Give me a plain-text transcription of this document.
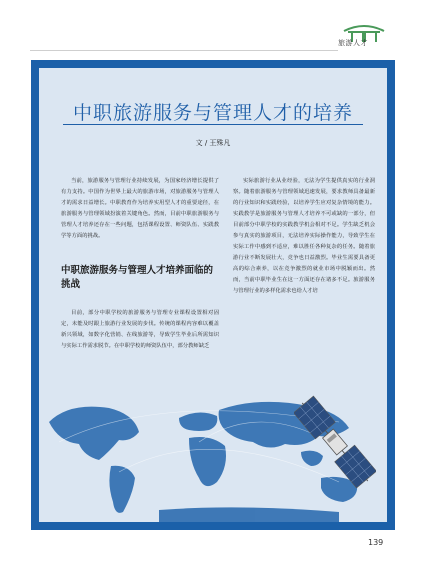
旅游人才
中职旅游服务与管理人才的培养
文 / 王殊凡
当前，旅游服务与管理行业持续发展，为国家经济增长提供了有力支持。中国作为世界上最大的旅游市场，对旅游服务与管理人才的需求日益增长。中职教育作为培养实用型人才的重要途径，在旅游服务与管理领域扮演着关键角色。然而，目前中职旅游服务与管理人才培养还存在一些问题，包括课程设置、师资队伍、实践教学等方面的挑战。
中职旅游服务与管理人才培养面临的挑战
目前，部分中职学校的旅游服务与管理专业课程设置相对固定，未能及时跟上旅游行业发展的步伐。传统的课程内容难以覆盖新兴领域，如数字化营销、在线旅游等，导致学生毕业后所需知识与实际工作需求脱节。在中职学校的师资队伍中，部分教师缺乏

实际旅游行业从业经验，无法为学生提供真实的行业洞察。随着旅游服务与管理领域迅速发展，要求教师具备最新的行业知识和实践经验，以培养学生应对复杂情境的能力。实践教学是旅游服务与管理人才培养不可或缺的一部分，但目前部分中职学校的实践教学机会相对不足。学生缺乏机会参与真实的旅游项目，无法培养实际操作能力，导致学生在实际工作中感到不适应，难以胜任各种复杂的任务。随着旅游行业不断发展壮大，竞争也日益激烈。毕业生需要具备更高的综合素养，以在竞争激烈的就业市场中脱颖而出。然而，当前中职毕业生在这一方面还存在诸多不足。旅游服务与管理行业的多样化需求也给人才培

139
